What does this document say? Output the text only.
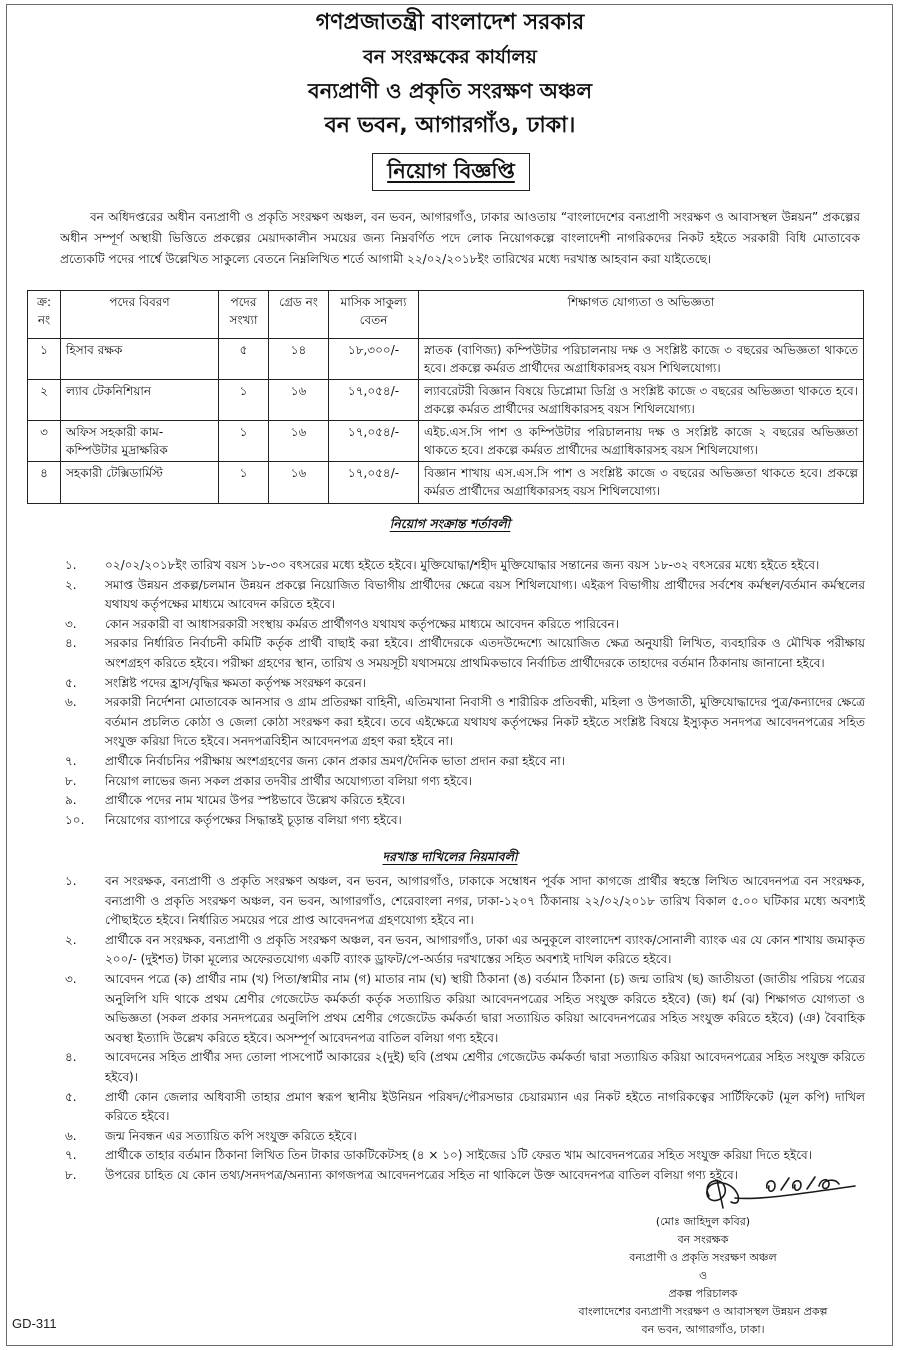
গণপ্রজাতন্ত্রী বাংলাদেশ সরকার
বন সংরক্ষকের কার্যালয়
বন্যপ্রাণী ও প্রকৃতি সংরক্ষণ অঞ্চল
বন ভবন, আগারগাঁও, ঢাকা।
নিয়োগ বিজ্ঞপ্তি

বন অধিদপ্তরের অধীন বন্যপ্রাণী ও প্রকৃতি সংরক্ষণ অঞ্চল, বন ভবন, আগারগাঁও, ঢাকার আওতায় “বাংলাদেশের বন্যপ্রাণী সংরক্ষণ ও আবাসস্থল উন্নয়ন” প্রকল্পের অধীন সম্পূর্ণ অস্থায়ী ভিত্তিতে প্রকল্পের মেয়াদকালীন সময়ের জন্য নিম্নবর্ণিত পদে লোক নিয়োগকল্পে বাংলাদেশী নাগরিকদের নিকট হইতে সরকারী বিধি মোতাবেক প্রত্যেকটি পদের পার্শ্বে উল্লেখিত সাকুল্যে বেতনে নিম্নলিখিত শর্তে আগামী ২২/০২/২০১৮ইং তারিখের মধ্যে দরখাস্ত আহবান করা যাইতেছে।

ক্র: নং	পদের বিবরণ	পদের সংখ্যা	গ্রেড নং	মাসিক সাকুল্য বেতন	শিক্ষাগত যোগ্যতা ও অভিজ্ঞতা
১	হিসাব রক্ষক	৫	১৪	১৮,৩০০/-	স্নাতক (বাণিজ্য) কম্পিউটার পরিচালনায় দক্ষ ও সংশ্লিষ্ট কাজে ৩ বছরের অভিজ্ঞতা থাকতে হবে। প্রকল্পে কর্মরত প্রার্থীদের অগ্রাধিকারসহ বয়স শিথিলযোগ্য।
২	ল্যাব টেকনিশিয়ান	১	১৬	১৭,০৫৪/-	ল্যাবরেটরী বিজ্ঞান বিষয়ে ডিপ্লোমা ডিগ্রি ও সংশ্লিষ্ট কাজে ৩ বছরের অভিজ্ঞতা থাকতে হবে। প্রকল্পে কর্মরত প্রার্থীদের অগ্রাধিকারসহ বয়স শিথিলযোগ্য।
৩	অফিস সহকারী কাম-কম্পিউটার মুদ্রাক্ষরিক	১	১৬	১৭,০৫৪/-	এইচ.এস.সি পাশ ও কম্পিউটার পরিচালনায় দক্ষ ও সংশ্লিষ্ট কাজে ২ বছরের অভিজ্ঞতা থাকতে হবে। প্রকল্পে কর্মরত প্রার্থীদের অগ্রাধিকারসহ বয়স শিথিলযোগ্য।
৪	সহকারী টেক্সিডার্মিস্ট	১	১৬	১৭,০৫৪/-	বিজ্ঞান শাখায় এস.এস.সি পাশ ও সংশ্লিষ্ট কাজে ৩ বছরের অভিজ্ঞতা থাকতে হবে। প্রকল্পে কর্মরত প্রার্থীদের অগ্রাধিকারসহ বয়স শিথিলযোগ্য।
নিয়োগ সংক্রান্ত শর্তাবলী
১. ০২/০২/২০১৮ইং তারিখ বয়স ১৮-৩০ বৎসরের মধ্যে হইতে হইবে। মুক্তিযোদ্ধা/শহীদ মুক্তিযোদ্ধার সন্তানের জন্য বয়স ১৮-৩২ বৎসরের মধ্যে হইতে হইবে।
২. সমাপ্ত উন্নয়ন প্রকল্প/চলমান উন্নয়ন প্রকল্পে নিয়োজিত বিভাগীয় প্রার্থীদের ক্ষেত্রে বয়স শিথিলযোগ্য। এইরূপ বিভাগীয় প্রার্থীদের সর্বশেষ কর্মস্থল/বর্তমান কর্মস্থলের যথাযথ কর্তৃপক্ষের মাধ্যমে আবেদন করিতে হইবে।
৩. কোন সরকারী বা আধাসরকারী সংস্থায় কর্মরত প্রার্থীগণও যথাযথ কর্তৃপক্ষের মাধ্যমে আবেদন করিতে পারিবেন।
৪. সরকার নির্ধারিত নির্বাচনী কমিটি কর্তৃক প্রার্থী বাছাই করা হইবে। প্রার্থীদেরকে এতদউদ্দেশ্যে আয়োজিত ক্ষেত্র অনুযায়ী লিখিত, ব্যবহারিক ও মৌখিক পরীক্ষায় অংশগ্রহণ করিতে হইবে। পরীক্ষা গ্রহণের স্থান, তারিখ ও সময়সূচী যথাসময়ে প্রাথমিকভাবে নির্বাচিত প্রার্থীদেরকে তাহাদের বর্তমান ঠিকানায় জানানো হইবে।
৫. সংশ্লিষ্ট পদের হ্রাস/বৃদ্ধির ক্ষমতা কর্তৃপক্ষ সংরক্ষণ করেন।
৬. সরকারী নির্দেশনা মোতাবেক আনসার ও গ্রাম প্রতিরক্ষা বাহিনী, এতিমখানা নিবাসী ও শারীরিক প্রতিবন্ধী, মহিলা ও উপজাতী, মুক্তিযোদ্ধাদের পুত্র/কন্যাদের ক্ষেত্রে বর্তমান প্রচলিত কোঠা ও জেলা কোঠা সংরক্ষণ করা হইবে। তবে এইক্ষেত্রে যথাযথ কর্তৃপক্ষের নিকট হইতে সংশ্লিষ্ট বিষয়ে ইস্যুকৃত সনদপত্র আবেদনপত্রের সহিত সংযুক্ত করিয়া দিতে হইবে। সনদপত্রবিহীন আবেদনপত্র গ্রহণ করা হইবে না।
৭. প্রার্থীকে নির্বাচনির পরীক্ষায় অংশগ্রহণের জন্য কোন প্রকার ভ্রমণ/দৈনিক ভাতা প্রদান করা হইবে না।
৮. নিয়োগ লাভের জন্য সকল প্রকার তদবীর প্রার্থীর অযোগ্যতা বলিয়া গণ্য হইবে।
৯. প্রার্থীকে পদের নাম খামের উপর স্পষ্টভাবে উল্লেখ করিতে হইবে।
১০. নিয়োগের ব্যাপারে কর্তৃপক্ষের সিদ্ধান্তই চূড়ান্ত বলিয়া গণ্য হইবে।
দরখাস্ত দাখিলের নিয়মাবলী
১. বন সংরক্ষক, বন্যপ্রাণী ও প্রকৃতি সংরক্ষণ অঞ্চল, বন ভবন, আগারগাঁও, ঢাকাকে সম্বোধন পূর্বক সাদা কাগজে প্রার্থীর স্বহস্তে লিখিত আবেদনপত্র বন সংরক্ষক, বন্যপ্রাণী ও প্রকৃতি সংরক্ষণ অঞ্চল, বন ভবন, আগারগাঁও, শেরেবাংলা নগর, ঢাকা-১২০৭ ঠিকানায় ২২/০২/২০১৮ তারিখ বিকাল ৫.০০ ঘটিকার মধ্যে অবশ্যই পৌছাইতে হইবে। নির্ধারিত সময়ের পরে প্রাপ্ত আবেদনপত্র গ্রহণযোগ্য হইবে না।
২. প্রার্থীকে বন সংরক্ষক, বন্যপ্রাণী ও প্রকৃতি সংরক্ষণ অঞ্চল, বন ভবন, আগারগাঁও, ঢাকা এর অনুকূলে বাংলাদেশ ব্যাংক/সোনালী ব্যাংক এর যে কোন শাখায় জমাকৃত ২০০/- (দুইশত) টাকা মূল্যের অফেরতযোগ্য একটি ব্যাংক ড্রাফট/পে-অর্ডার দরখাস্তের সহিত অবশ্যই দাখিল করিতে হইবে।
৩. আবেদন পত্রে (ক) প্রার্থীর নাম (খ) পিতা/স্বামীর নাম (গ) মাতার নাম (ঘ) স্থায়ী ঠিকানা (ঙ) বর্তমান ঠিকানা (চ) জন্ম তারিখ (ছ) জাতীয়তা (জাতীয় পরিচয় পত্রের অনুলিপি যদি থাকে প্রথম শ্রেণীর গেজেটেড কর্মকর্তা কর্তৃক সত্যায়িত করিয়া আবেদনপত্রের সহিত সংযুক্ত করিতে হইবে) (জ) ধর্ম (ঝ) শিক্ষাগত যোগ্যতা ও অভিজ্ঞতা (সকল প্রকার সনদপত্রের অনুলিপি প্রথম শ্রেণীর গেজেটেড কর্মকর্তা দ্বারা সত্যায়িত করিয়া আবেদনপত্রের সহিত সংযুক্ত করিতে হইবে) (ঞ) বৈবাহিক অবস্থা ইত্যাদি উল্লেখ করিতে হইবে। অসম্পূর্ণ আবেদনপত্র বাতিল বলিয়া গণ্য হইবে।
৪. আবেদনের সহিত প্রার্থীর সদ্য তোলা পাসপোর্ট আকারের ২(দুই) ছবি (প্রথম শ্রেণীর গেজেটেড কর্মকর্তা দ্বারা সত্যায়িত করিয়া আবেদনপত্রের সহিত সংযুক্ত করিতে হইবে)।
৫. প্রার্থী কোন জেলার অধিবাসী তাহার প্রমাণ স্বরূপ স্থানীয় ইউনিয়ন পরিষদ/পৌরসভার চেয়ারম্যান এর নিকট হইতে নাগরিকত্বের সার্টিফিকেট (মূল কপি) দাখিল করিতে হইবে।
৬. জন্ম নিবন্ধন এর সত্যায়িত কপি সংযুক্ত করিতে হইবে।
৭. প্রার্থীকে তাহার বর্তমান ঠিকানা লিখিত তিন টাকার ডাকটিকেটসহ (৪ × ১০) সাইজের ১টি ফেরত খাম আবেদনপত্রের সহিত সংযুক্ত করিয়া দিতে হইবে।
৮. উপরের চাহিত যে কোন তথ্য/সনদপত্র/অন্যান্য কাগজপত্র আবেদনপত্রের সহিত না থাকিলে উক্ত আবেদনপত্র বাতিল বলিয়া গণ্য হইবে।
(মোঃ জাহিদুল কবির)
বন সংরক্ষক
বন্যপ্রাণী ও প্রকৃতি সংরক্ষণ অঞ্চল
ও
প্রকল্প পরিচালক
বাংলাদেশের বন্যপ্রাণী সংরক্ষণ ও আবাসস্থল উন্নয়ন প্রকল্প
বন ভবন, আগারগাঁও, ঢাকা।
GD-311
